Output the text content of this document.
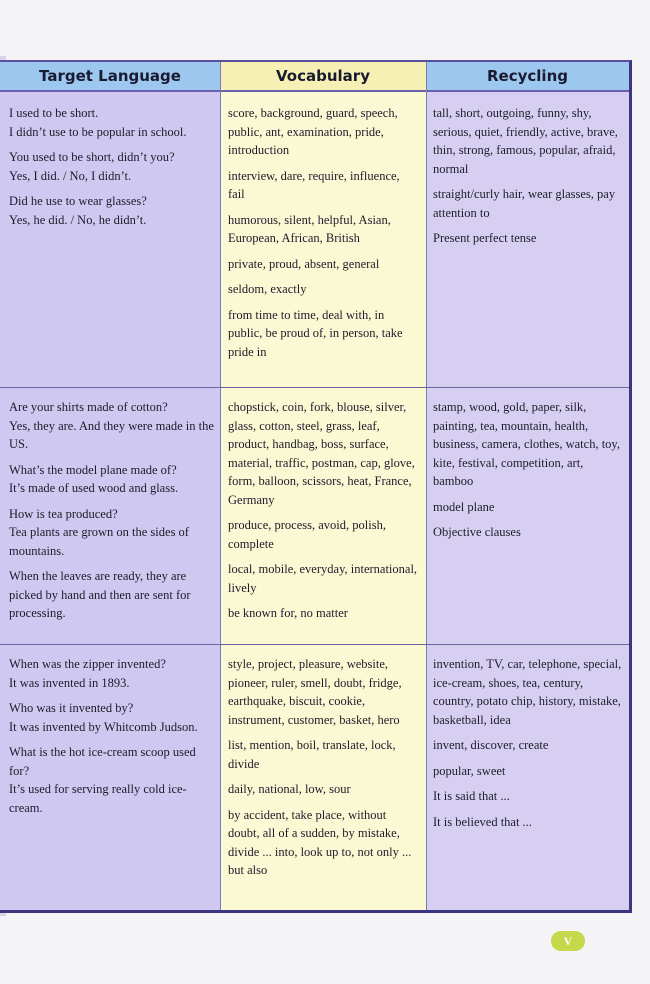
Target Language	Vocabulary	Recycling

I used to be short.
I didn’t use to be popular in school.

You used to be short, didn’t you?
Yes, I did. / No, I didn’t.

Did he use to wear glasses?
Yes, he did. / No, he didn’t.

score, background, guard, speech, public, ant, examination, pride, introduction

interview, dare, require, influence, fail

humorous, silent, helpful, Asian, European, African, British

private, proud, absent, general

seldom, exactly

from time to time, deal with, in public, be proud of, in person, take pride in

tall, short, outgoing, funny, shy, serious, quiet, friendly, active, brave, thin, strong, famous, popular, afraid, normal

straight/curly hair, wear glasses, pay attention to

Present perfect tense

Are your shirts made of cotton?
Yes, they are. And they were made in the US.

What’s the model plane made of?
It’s made of used wood and glass.

How is tea produced?
Tea plants are grown on the sides of mountains.

When the leaves are ready, they are picked by hand and then are sent for processing.

chopstick, coin, fork, blouse, silver, glass, cotton, steel, grass, leaf, product, handbag, boss, surface, material, traffic, postman, cap, glove, form, balloon, scissors, heat, France, Germany

produce, process, avoid, polish, complete

local, mobile, everyday, international, lively

be known for, no matter

stamp, wood, gold, paper, silk, painting, tea, mountain, health, business, camera, clothes, watch, toy, kite, festival, competition, art, bamboo

model plane

Objective clauses

When was the zipper invented?
It was invented in 1893.

Who was it invented by?
It was invented by Whitcomb Judson.

What is the hot ice-cream scoop used for?
It’s used for serving really cold ice-cream.

style, project, pleasure, website, pioneer, ruler, smell, doubt, fridge, earthquake, biscuit, cookie, instrument, customer, basket, hero

list, mention, boil, translate, lock, divide

daily, national, low, sour

by accident, take place, without doubt, all of a sudden, by mistake, divide ... into, look up to, not only ... but also

invention, TV, car, telephone, special, ice-cream, shoes, tea, century, country, potato chip, history, mistake, basketball, idea

invent, discover, create

popular, sweet

It is said that ...

It is believed that ...

V
